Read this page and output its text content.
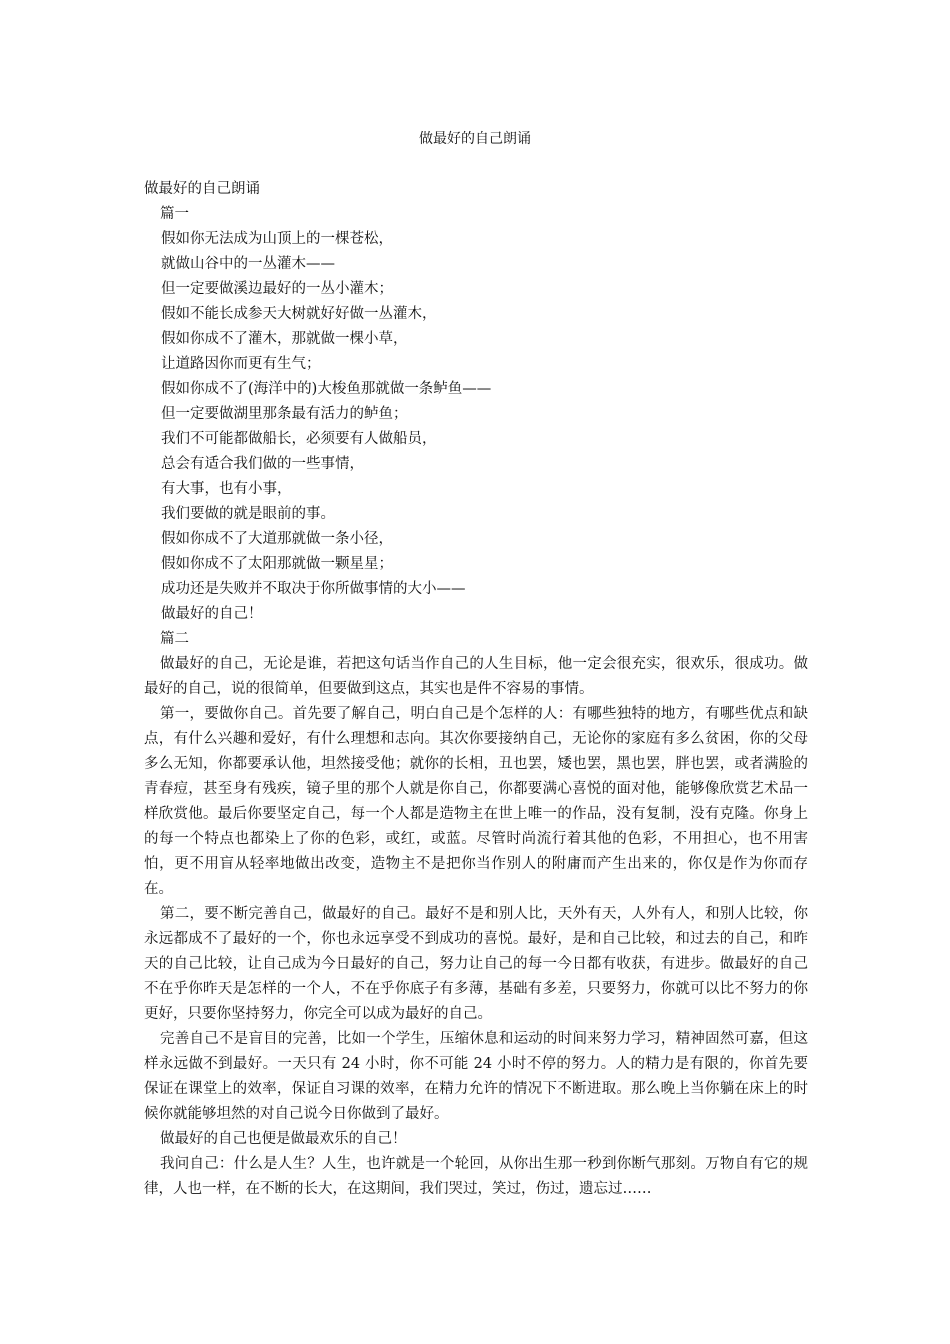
做最好的自己朗诵

做最好的自己朗诵

篇一

假如你无法成为山顶上的一棵苍松，

就做山谷中的一丛灌木——

但一定要做溪边最好的一丛小灌木；

假如不能长成参天大树就好好做一丛灌木，

假如你成不了灌木，那就做一棵小草，

让道路因你而更有生气；

假如你成不了(海洋中的)大梭鱼那就做一条鲈鱼——

但一定要做湖里那条最有活力的鲈鱼；

我们不可能都做船长，必须要有人做船员，

总会有适合我们做的一些事情，

有大事，也有小事，

我们要做的就是眼前的事。

假如你成不了大道那就做一条小径，

假如你成不了太阳那就做一颗星星；

成功还是失败并不取决于你所做事情的大小——

做最好的自己！

篇二

做最好的自己，无论是谁，若把这句话当作自己的人生目标，他一定会很充实，很欢乐，很成功。做最好的自己，说的很简单，但要做到这点，其实也是件不容易的事情。

第一，要做你自己。首先要了解自己，明白自己是个怎样的人：有哪些独特的地方，有哪些优点和缺点，有什么兴趣和爱好，有什么理想和志向。其次你要接纳自己，无论你的家庭有多么贫困，你的父母多么无知，你都要承认他，坦然接受他；就你的长相，丑也罢，矮也罢，黑也罢，胖也罢，或者满脸的青春痘，甚至身有残疾，镜子里的那个人就是你自己，你都要满心喜悦的面对他，能够像欣赏艺术品一样欣赏他。最后你要坚定自己，每一个人都是造物主在世上唯一的作品，没有复制，没有克隆。你身上的每一个特点也都染上了你的色彩，或红，或蓝。尽管时尚流行着其他的色彩，不用担心，也不用害怕，更不用盲从轻率地做出改变，造物主不是把你当作别人的附庸而产生出来的，你仅是作为你而存在。

第二，要不断完善自己，做最好的自己。最好不是和别人比，天外有天，人外有人，和别人比较，你永远都成不了最好的一个，你也永远享受不到成功的喜悦。最好，是和自己比较，和过去的自己，和昨天的自己比较，让自己成为今日最好的自己，努力让自己的每一今日都有收获，有进步。做最好的自己不在乎你昨天是怎样的一个人，不在乎你底子有多薄，基础有多差，只要努力，你就可以比不努力的你更好，只要你坚持努力，你完全可以成为最好的自己。

完善自己不是盲目的完善，比如一个学生，压缩休息和运动的时间来努力学习，精神固然可嘉，但这样永远做不到最好。一天只有 24 小时，你不可能 24 小时不停的努力。人的精力是有限的，你首先要保证在课堂上的效率，保证自习课的效率，在精力允许的情况下不断进取。那么晚上当你躺在床上的时候你就能够坦然的对自己说今日你做到了最好。

做最好的自己也便是做最欢乐的自己！

我问自己：什么是人生？人生，也许就是一个轮回，从你出生那一秒到你断气那刻。万物自有它的规律，人也一样，在不断的长大，在这期间，我们哭过，笑过，伤过，遗忘过……
